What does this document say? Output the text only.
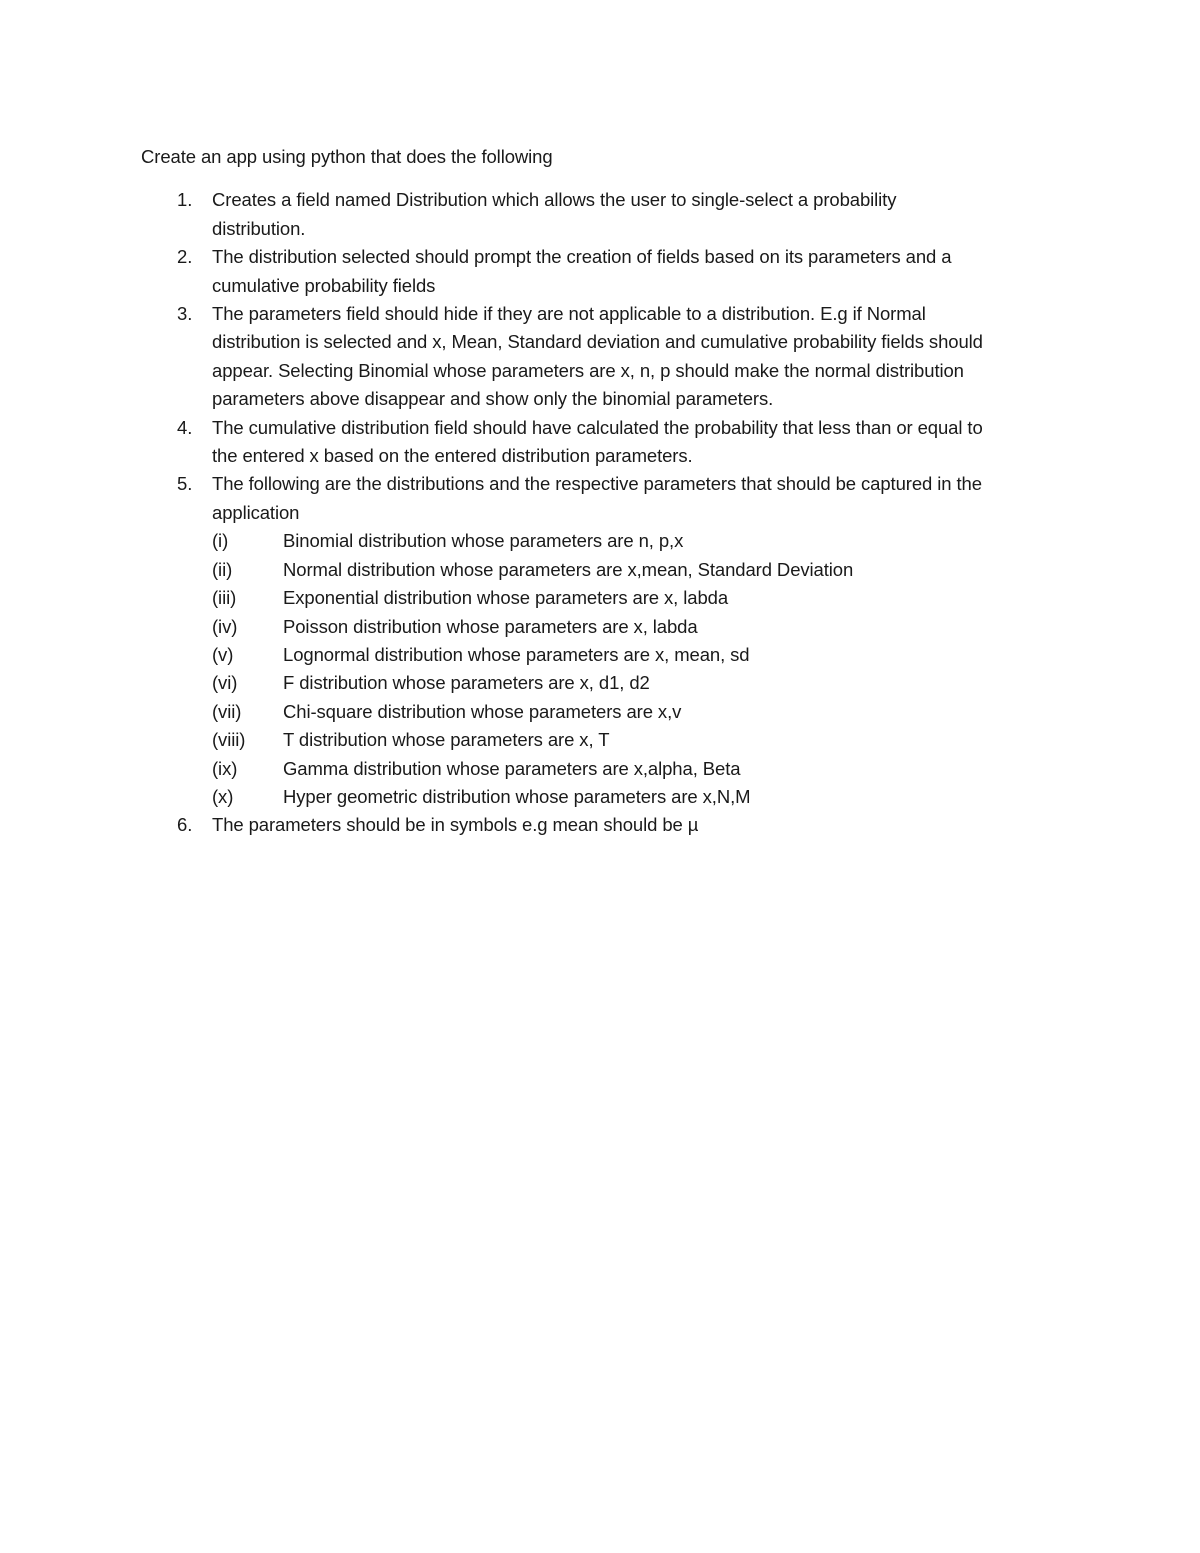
Create an app using python that does the following

1. Creates a field named Distribution which allows the user to single-select a probability
distribution.
2. The distribution selected should prompt the creation of fields based on its parameters and a
cumulative probability fields
3. The parameters field should hide if they are not applicable to a distribution. E.g if Normal
distribution is selected and x, Mean, Standard deviation and cumulative probability fields should
appear. Selecting Binomial whose parameters are x, n, p should make the normal distribution
parameters above disappear and show only the binomial parameters.
4. The cumulative distribution field should have calculated the probability that less than or equal to
the entered x based on the entered distribution parameters.
5. The following are the distributions and the respective parameters that should be captured in the
application
(i)	Binomial distribution whose parameters are n, p,x
(ii)	Normal distribution whose parameters are x,mean, Standard Deviation
(iii)	Exponential distribution whose parameters are x, labda
(iv) Poisson distribution whose parameters are x, labda
(v)	Lognormal distribution whose parameters are x, mean, sd
(vi) F distribution whose parameters are x, d1, d2
(vii) Chi-square distribution whose parameters are x,v
(viii) T distribution whose parameters are x, T
(ix) Gamma distribution whose parameters are x,alpha, Beta
(x)	Hyper geometric distribution whose parameters are x,N,M
6. The parameters should be in symbols e.g mean should be µ
